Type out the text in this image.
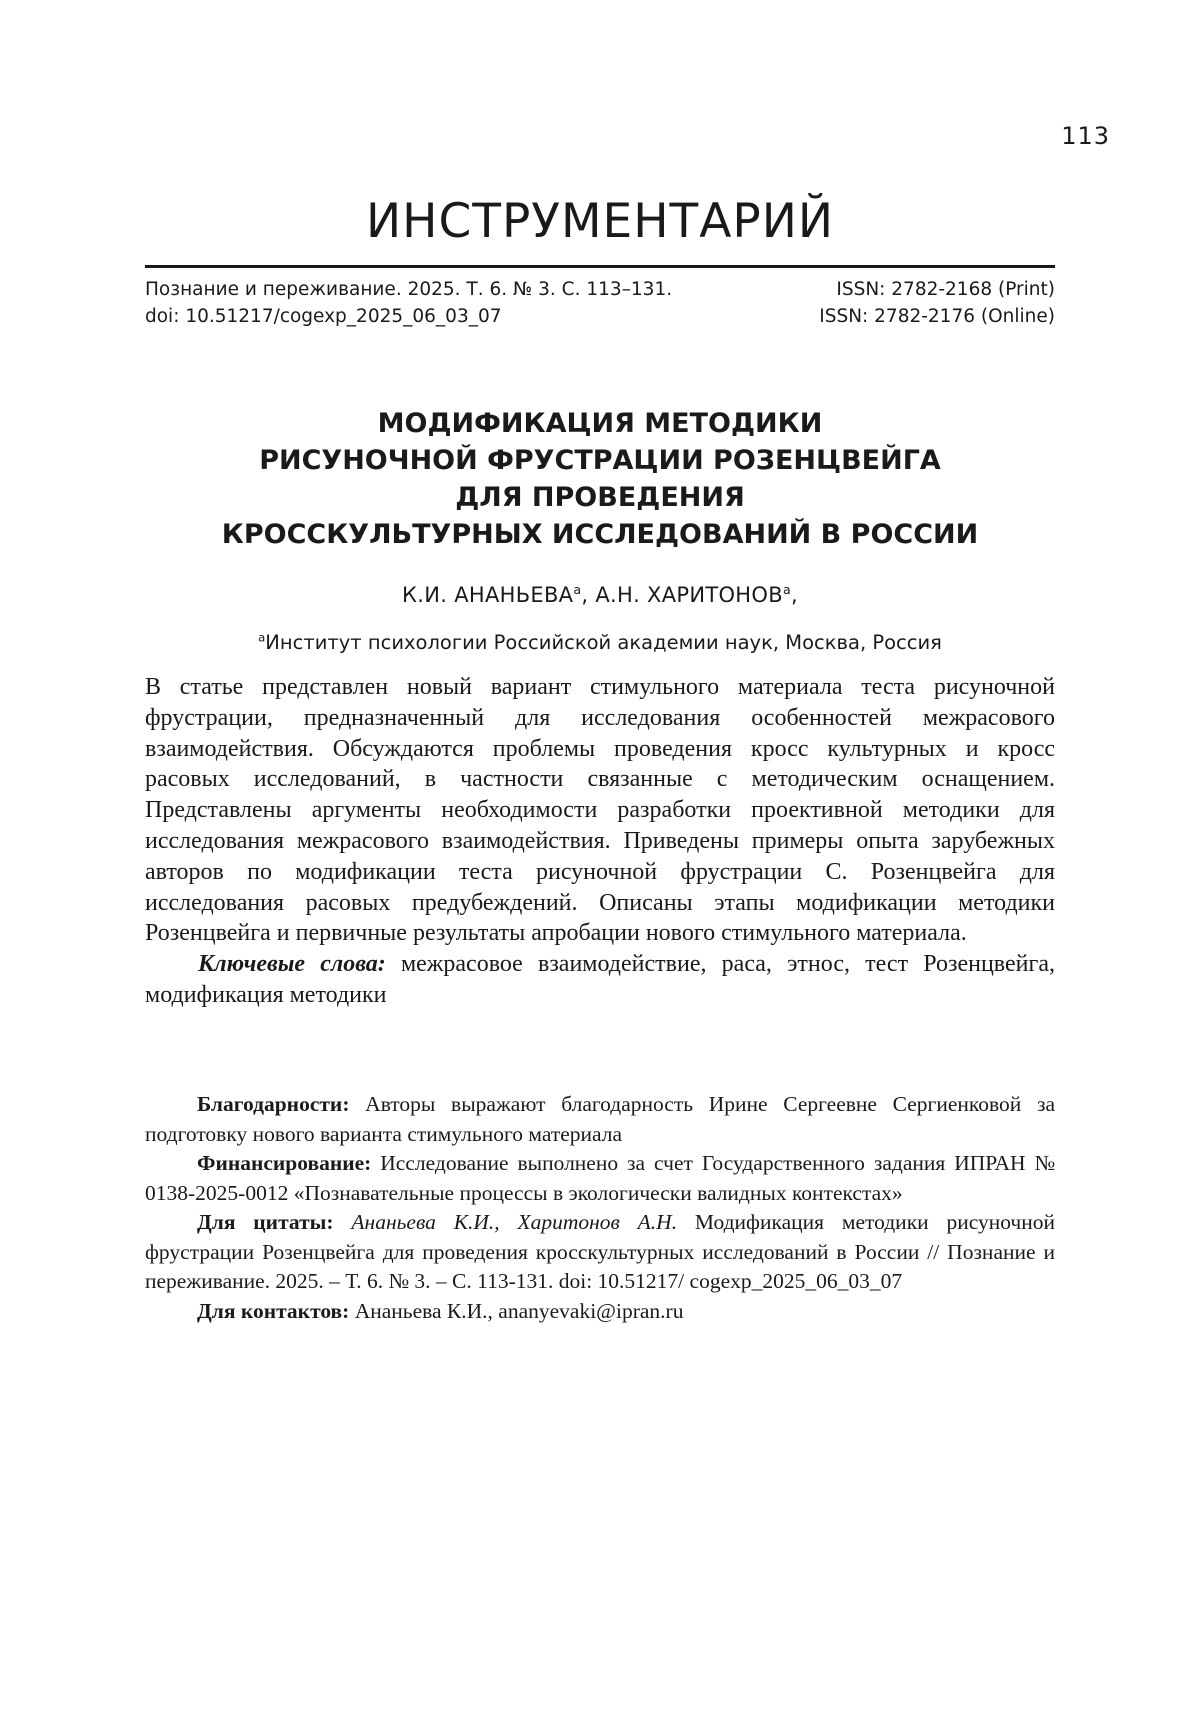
113
ИНСТРУМЕНТАРИЙ
Познание и переживание. 2025. Т. 6. № 3. С. 113–131.	ISSN: 2782-2168 (Print)
doi: 10.51217/cogexp_2025_06_03_07	ISSN: 2782-2176 (Online)
МОДИФИКАЦИЯ МЕТОДИКИ
РИСУНОЧНОЙ ФРУСТРАЦИИ РОЗЕНЦВЕЙГА
ДЛЯ ПРОВЕДЕНИЯ
КРОССКУЛЬТУРНЫХ ИССЛЕДОВАНИЙ В РОССИИ
К.И. АНАНЬЕВА$^a$, А.Н. ХАРИТОНОВ$^a$,
$^a$Институт психологии Российской академии наук, Москва, Россия

В статье представлен новый вариант стимульного материала теста рисуночной фрустрации, предназначенный для исследования особенностей межрасового взаимодействия. Обсуждаются проблемы проведения кросс культурных и кросс расовых исследований, в частности связанные с методическим оснащением. Представлены аргументы необходимости разработки проективной методики для исследования межрасового взаимодействия. Приведены примеры опыта зарубежных авторов по модификации теста рисуночной фрустрации С. Розенцвейга для исследования расовых предубеждений. Описаны этапы модификации методики Розенцвейга и первичные результаты апробации нового стимульного материала.

Ключевые слова: межрасовое взаимодействие, раса, этнос, тест Розенцвейга, модификация методики

Благодарности: Авторы выражают благодарность Ирине Сергеевне Сергиенковой за подготовку нового варианта стимульного материала

Финансирование: Исследование выполнено за счет Государственного задания ИПРАН № 0138-2025-0012 «Познавательные процессы в экологически валидных контекстах»

Для цитаты: Ананьева К.И., Харитонов А.Н. Модификация методики рисуночной фрустрации Розенцвейга для проведения кросскультурных исследований в России // Познание и переживание. 2025. – Т. 6. № 3. – С. 113-131. doi: 10.51217/ cogexp_2025_06_03_07

Для контактов: Ананьева К.И., ananyevaki@ipran.ru
